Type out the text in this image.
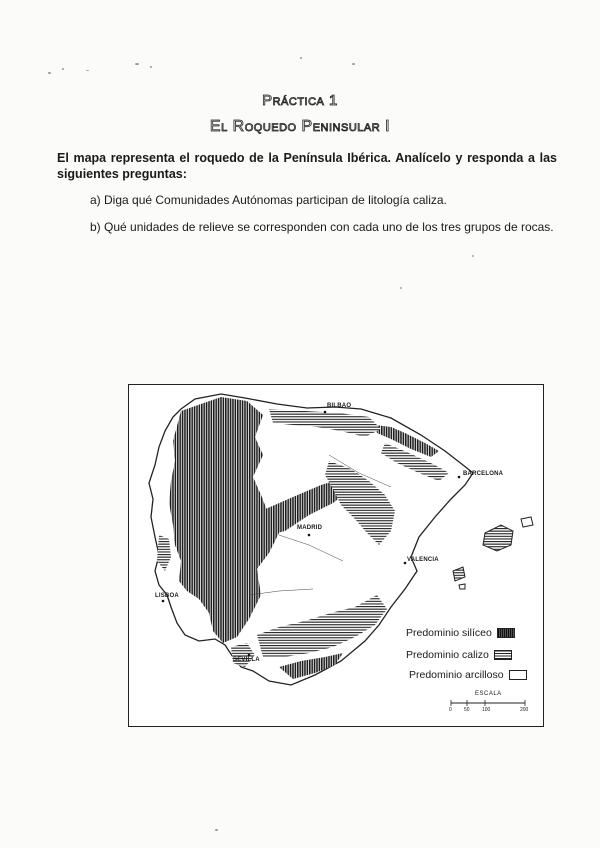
Práctica 1
El Roquedo Peninsular I
El mapa representa el roquedo de la Península Ibérica. Analícelo y responda a las siguientes preguntas:
a) Diga qué Comunidades Autónomas participan de litología caliza.
b) Qué unidades de relieve se corresponden con cada uno de los tres grupos de rocas.
BILBAO
BARCELONA
MADRID
VALENCIA
LISBOA
SEVILLA
Predominio silíceo
Predominio calizo
Predominio arcilloso
ESCALA
0 50 100	200
